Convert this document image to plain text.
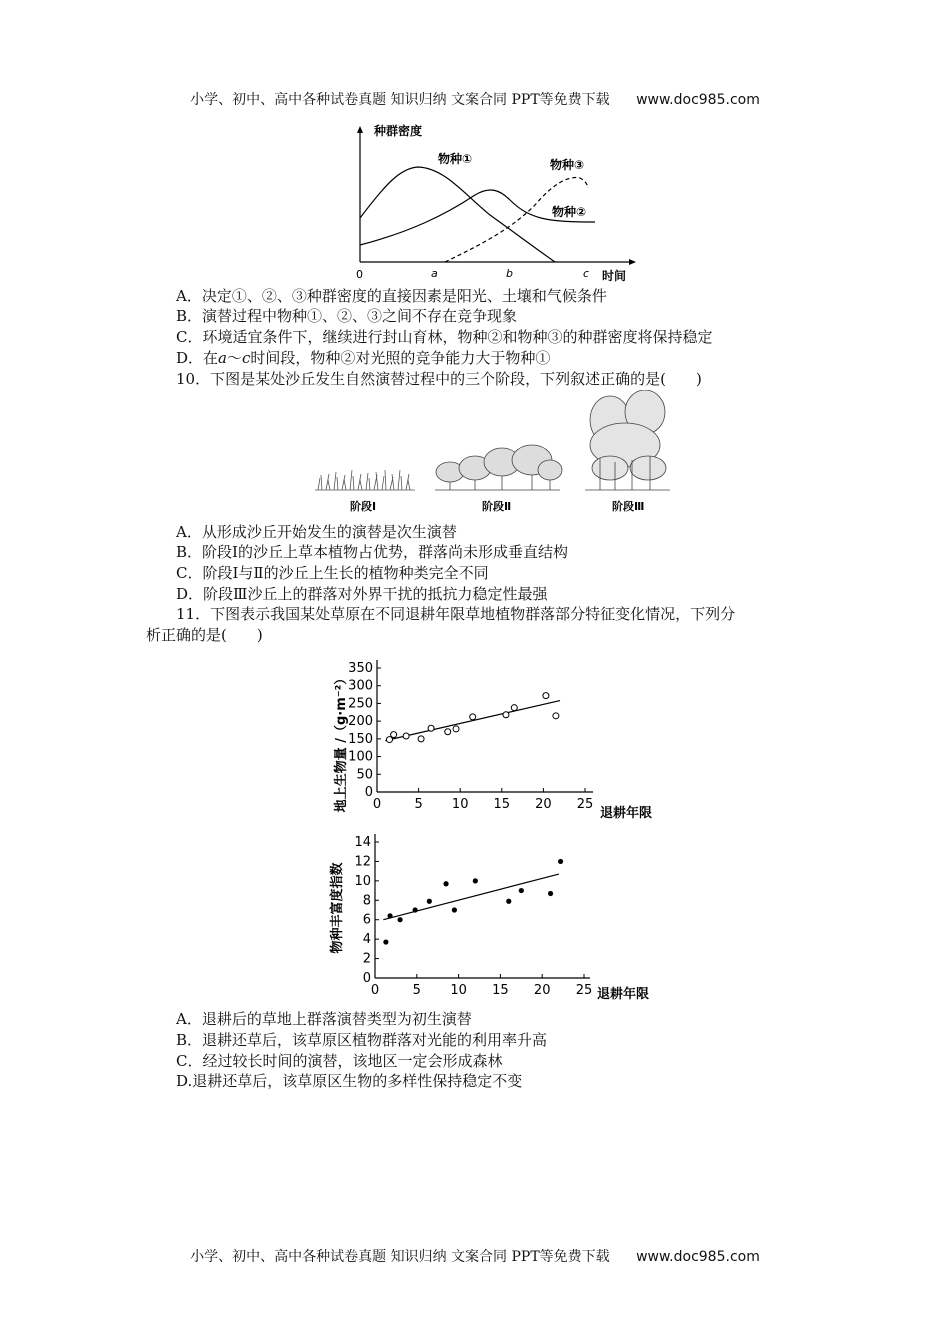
小学、初中、高中各种试卷真题 知识归纳 文案合同 PPT等免费下载 www.doc985.com
种群密度
时间
0	a	b	c
物种①	物种③
物种②
A．决定①、②、③种群密度的直接因素是阳光、土壤和气候条件
B．演替过程中物种①、②、③之间不存在竞争现象
C．环境适宜条件下，继续进行封山育林，物种②和物种③的种群密度将保持稳定
D．在a～c时间段，物种②对光照的竞争能力大于物种①
10．下图是某处沙丘发生自然演替过程中的三个阶段，下列叙述正确的是(　　)
阶段Ⅰ	阶段Ⅱ	阶段Ⅲ
A．从形成沙丘开始发生的演替是次生演替
B．阶段Ⅰ的沙丘上草本植物占优势，群落尚未形成垂直结构
C．阶段Ⅰ与Ⅱ的沙丘上生长的植物种类完全不同
D．阶段Ⅲ沙丘上的群落对外界干扰的抵抗力稳定性最强
11．下图表示我国某处草原在不同退耕年限草地植物群落部分特征变化情况，下列分
析正确的是(　　)
0
50
100
150
200
250
300
350
0	5 10 15 20 25
地上生物量 /（g·m⁻²）
退耕年限
0
2
4
6
8
10
12
14
0	5 10 15 20 25
物种丰富度指数
退耕年限
A．退耕后的草地上群落演替类型为初生演替
B．退耕还草后，该草原区植物群落对光能的利用率升高
C．经过较长时间的演替，该地区一定会形成森林
D.退耕还草后，该草原区生物的多样性保持稳定不变
小学、初中、高中各种试卷真题 知识归纳 文案合同 PPT等免费下载 www.doc985.com
